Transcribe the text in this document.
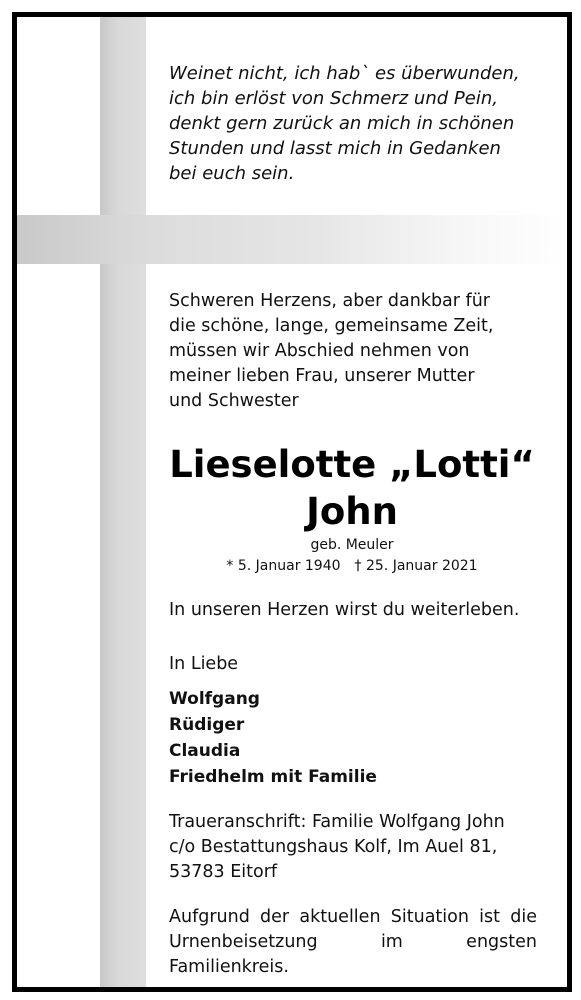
Weinet nicht, ich hab` es überwunden,
ich bin erlöst von Schmerz und Pein,
denkt gern zurück an mich in schönen
Stunden und lasst mich in Gedanken
bei euch sein.
Schweren Herzens, aber dankbar für
die schöne, lange, gemeinsame Zeit,
müssen wir Abschied nehmen von
meiner lieben Frau, unserer Mutter
und Schwester
Lieselotte „Lotti“
John
geb. Meuler
* 5. Januar 1940 † 25. Januar 2021
In unseren Herzen wirst du weiterleben.
In Liebe
Wolfgang
Rüdiger
Claudia
Friedhelm mit Familie
Traueranschrift: Familie Wolfgang John
c/o Bestattungshaus Kolf, Im Auel 81,
53783 Eitorf
Aufgrund der aktuellen Situation ist die
Urnenbeisetzung im engsten Familienkreis.
